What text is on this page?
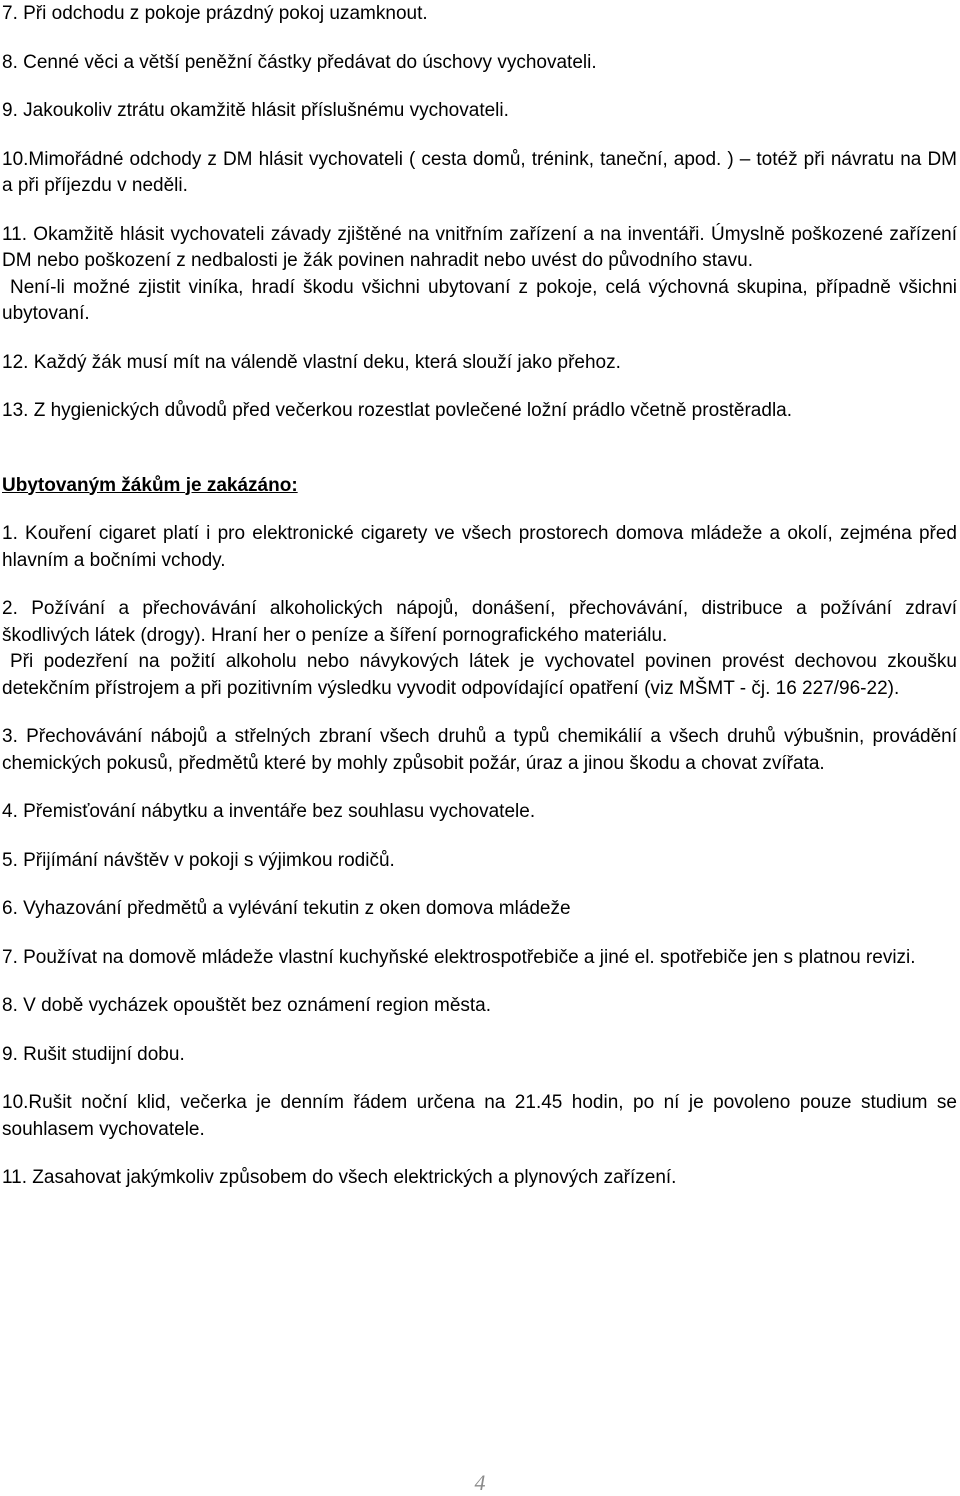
7. Při odchodu z pokoje prázdný pokoj uzamknout.

8. Cenné věci a větší peněžní částky předávat do úschovy vychovateli.

9. Jakoukoliv ztrátu okamžitě hlásit příslušnému vychovateli.

10.Mimořádné odchody z DM hlásit vychovateli ( cesta domů, trénink, taneční, apod. ) – totéž při návratu na DM a při příjezdu v neděli.

11. Okamžitě hlásit vychovateli závady zjištěné na vnitřním zařízení a na inventáři. Úmyslně poškozené zařízení DM nebo poškození z nedbalosti je žák povinen nahradit nebo uvést do původního stavu.

Není-li možné zjistit viníka, hradí škodu všichni ubytovaní z pokoje, celá výchovná skupina, případně všichni ubytovaní.

12. Každý žák musí mít na válendě vlastní deku, která slouží jako přehoz.

13. Z hygienických důvodů před večerkou rozestlat povlečené ložní prádlo včetně prostěradla.

Ubytovaným žákům je zakázáno:

1. Kouření cigaret platí i pro elektronické cigarety ve všech prostorech domova mládeže a okolí, zejména před hlavním a bočními vchody.

2. Požívání a přechovávání alkoholických nápojů, donášení, přechovávání, distribuce a požívání zdraví škodlivých látek (drogy). Hraní her o peníze a šíření pornografického materiálu.

Při podezření na požití alkoholu nebo návykových látek je vychovatel povinen provést dechovou zkoušku detekčním přístrojem a při pozitivním výsledku vyvodit odpovídající opatření (viz MŠMT - čj. 16 227/96-22).

3. Přechovávání nábojů a střelných zbraní všech druhů a typů chemikálií a všech druhů výbušnin, provádění chemických pokusů, předmětů které by mohly způsobit požár, úraz a jinou škodu a chovat zvířata.

4. Přemisťování nábytku a inventáře bez souhlasu vychovatele.

5. Přijímání návštěv v pokoji s výjimkou rodičů.

6. Vyhazování předmětů a vylévání tekutin z oken domova mládeže

7. Používat na domově mládeže vlastní kuchyňské elektrospotřebiče a jiné el. spotřebiče jen s platnou revizi.

8. V době vycházek opouštět bez oznámení region města.

9. Rušit studijní dobu.

10.Rušit noční klid, večerka je denním řádem určena na 21.45 hodin, po ní je povoleno pouze studium se souhlasem vychovatele.

11. Zasahovat jakýmkoliv způsobem do všech elektrických a plynových zařízení.

4
